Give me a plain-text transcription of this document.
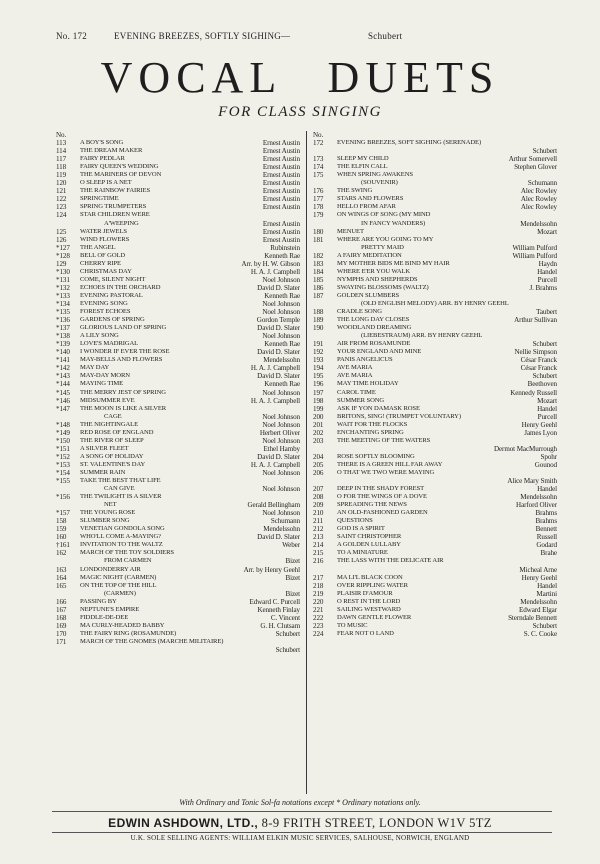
No. 172	EVENING BREEZES, SOFTLY SIGHING—	Schubert
VOCAL DUETS
FOR CLASS SINGING
No.
113	A BOY'S SONG	Ernest Austin
114	THE DREAM MAKER	Ernest Austin
117	FAIRY PEDLAR	Ernest Austin
118	FAIRY QUEEN'S WEDDING	Ernest Austin
119	THE MARINERS OF DEVON	Ernest Austin
120	O SLEEP IS A NET	Ernest Austin
121	THE RAINBOW FAIRIES	Ernest Austin
122	SPRINGTIME	Ernest Austin
123	SPRING TRUMPETERS	Ernest Austin
124	STAR CHILDREN WERE
A'WEEPING	Ernest Austin
125	WATER JEWELS	Ernest Austin
126	WIND FLOWERS	Ernest Austin
*127	THE ANGEL	Rubinstein
*128	BELL OF GOLD	Kenneth Rae
129	CHERRY RIPE	Arr. by H. W. Gibson
*130	CHRISTMAS DAY	H. A. J. Campbell
*131	COME, SILENT NIGHT	Noel Johnson
*132	ECHOES IN THE ORCHARD	David D. Slater
*133	EVENING PASTORAL	Kenneth Rae
*134	EVENING SONG	Noel Johnson
*135	FOREST ECHOES	Noel Johnson
*136	GARDENS OF SPRING	Gordon Temple
*137	GLORIOUS LAND OF SPRING	David D. Slater
*138	A LILY SONG	Noel Johnson
*139	LOVE'S MADRIGAL	Kenneth Rae
*140	I WONDER IF EVER THE ROSE	David D. Slater
*141	MAY-BELLS AND FLOWERS	Mendelssohn
*142	MAY DAY	H. A. J. Campbell
*143	MAY-DAY MORN	David D. Slater
*144	MAYING TIME	Kenneth Rae
*145	THE MERRY JEST OF SPRING	Noel Johnson
*146	MIDSUMMER EVE	H. A. J. Campbell
*147	THE MOON IS LIKE A SILVER
CAGE	Noel Johnson
*148	THE NIGHTINGALE	Noel Johnson
*149	RED ROSE OF ENGLAND	Herbert Oliver
*150	THE RIVER OF SLEEP	Noel Johnson
*151	A SILVER FLEET	Ethel Hamby
*152	A SONG OF HOLIDAY	David D. Slater
*153	ST. VALENTINE'S DAY	H. A. J. Campbell
*154	SUMMER RAIN	Noel Johnson
*155	TAKE THE BEST THAT LIFE
CAN GIVE	Noel Johnson
*156	THE TWILIGHT IS A SILVER
NET	Gerald Bellingham
*157	THE YOUNG ROSE	Noel Johnson
158	SLUMBER SONG	Schumann
159	VENETIAN GONDOLA SONG	Mendelssohn
160	WHO'LL COME A-MAYING?	David D. Slater
†161	INVITATION TO THE WALTZ	Weber
162	MARCH OF THE TOY SOLDIERS
FROM CARMEN	Bizet
163	LONDONDERRY AIR	Arr. by Henry Geehl
164	MAGIC NIGHT (CARMEN)	Bizet
165	ON THE TOP OF THE HILL
(CARMEN)	Bizet
166	PASSING BY	Edward C. Purcell
167	NEPTUNE'S EMPIRE	Kenneth Finlay
168	FIDDLE-DE-DEE	C. Vincent
169	MA CURLY-HEADED BABBY	G. H. Clutsam
170	THE FAIRY RING (ROSAMUNDE)	Schubert
171	MARCH OF THE GNOMES (MARCHE MILITAIRE)
Schubert
No.
172	EVENING BREEZES, SOFT SIGHING (SERENADE)
Schubert
173	SLEEP MY CHILD	Arthur Somervell
174	THE ELFIN CALL	Stephen Glover
175	WHEN SPRING AWAKENS
(SOUVENIR)	Schumann
176	THE SWING	Alec Rowley
177	STARS AND FLOWERS	Alec Rowley
178	HELLO FROM AFAR	Alec Rowley
179	ON WINGS OF SONG (MY MIND
IN FANCY WANDERS)	Mendelssohn
180	MENUET	Mozart
181	WHERE ARE YOU GOING TO MY
PRETTY MAID	William Pulford
182	A FAIRY MEDITATION	William Pulford
183	MY MOTHER BIDS ME BIND MY HAIR	Haydn
184	WHERE E'ER YOU WALK	Handel
185	NYMPHS AND SHEPHERDS	Purcell
186	SWAYING BLOSSOMS (WALTZ)	J. Brahms
187	GOLDEN SLUMBERS
(OLD ENGLISH MELODY) ARR. BY HENRY GEEHL
188	CRADLE SONG	Taubert
189	THE LONG DAY CLOSES	Arthur Sullivan
190	WOODLAND DREAMING
(LIEBESTRAUM) ARR. BY HENRY GEEHL
191	AIR FROM ROSAMUNDE	Schubert
192	YOUR ENGLAND AND MINE	Nellie Simpson
193	PANIS ANGELICUS	César Franck
194	AVE MARIA	César Franck
195	AVE MARIA	Schubert
196	MAY TIME HOLIDAY	Beethoven
197	CAROL TIME	Kennedy Russell
198	SUMMER SONG	Mozart
199	ASK IF YON DAMASK ROSE	Handel
200	BRITONS, SING! (TRUMPET VOLUNTARY)	Purcell
201	WAIT FOR THE FLOCKS	Henry Geehl
202	ENCHANTING SPRING	James Lyon
203	THE MEETING OF THE WATERS
Dermot MacMurrough
204	ROSE SOFTLY BLOOMING	Spohr
205	THERE IS A GREEN HILL FAR AWAY	Gounod
206	O THAT WE TWO WERE MAYING
Alice Mary Smith
207	DEEP IN THE SHADY FOREST	Handel
208	O FOR THE WINGS OF A DOVE	Mendelssohn
209	SPREADING THE NEWS	Harford Oliver
210	AN OLD-FASHIONED GARDEN	Brahms
211	QUESTIONS	Brahms
212	GOD IS A SPIRIT	Bennett
213	SAINT CHRISTOPHER	Russell
214	A GOLDEN LULLABY	Godard
215	TO A MINIATURE	Brahe
216	THE LASS WITH THE DELICATE AIR
Micheal Arne
217	MA LI'L BLACK COON	Henry Geehl
218	OVER RIPPLING WATER	Handel
219	PLAISIR D'AMOUR	Martini
220	O REST IN THE LORD	Mendelssohn
221	SAILING WESTWARD	Edward Elgar
222	DAWN GENTLE FLOWER	Sterndale Bennett
223	TO MUSIC	Schubert
224	FEAR NOT O LAND	S. C. Cooke
With Ordinary and Tonic Sol-fa notations except * Ordinary notations only.
EDWIN ASHDOWN, LTD., 8-9 FRITH STREET, LONDON W1V 5TZ
U.K. SOLE SELLING AGENTS: WILLIAM ELKIN MUSIC SERVICES, SALHOUSE, NORWICH, ENGLAND
